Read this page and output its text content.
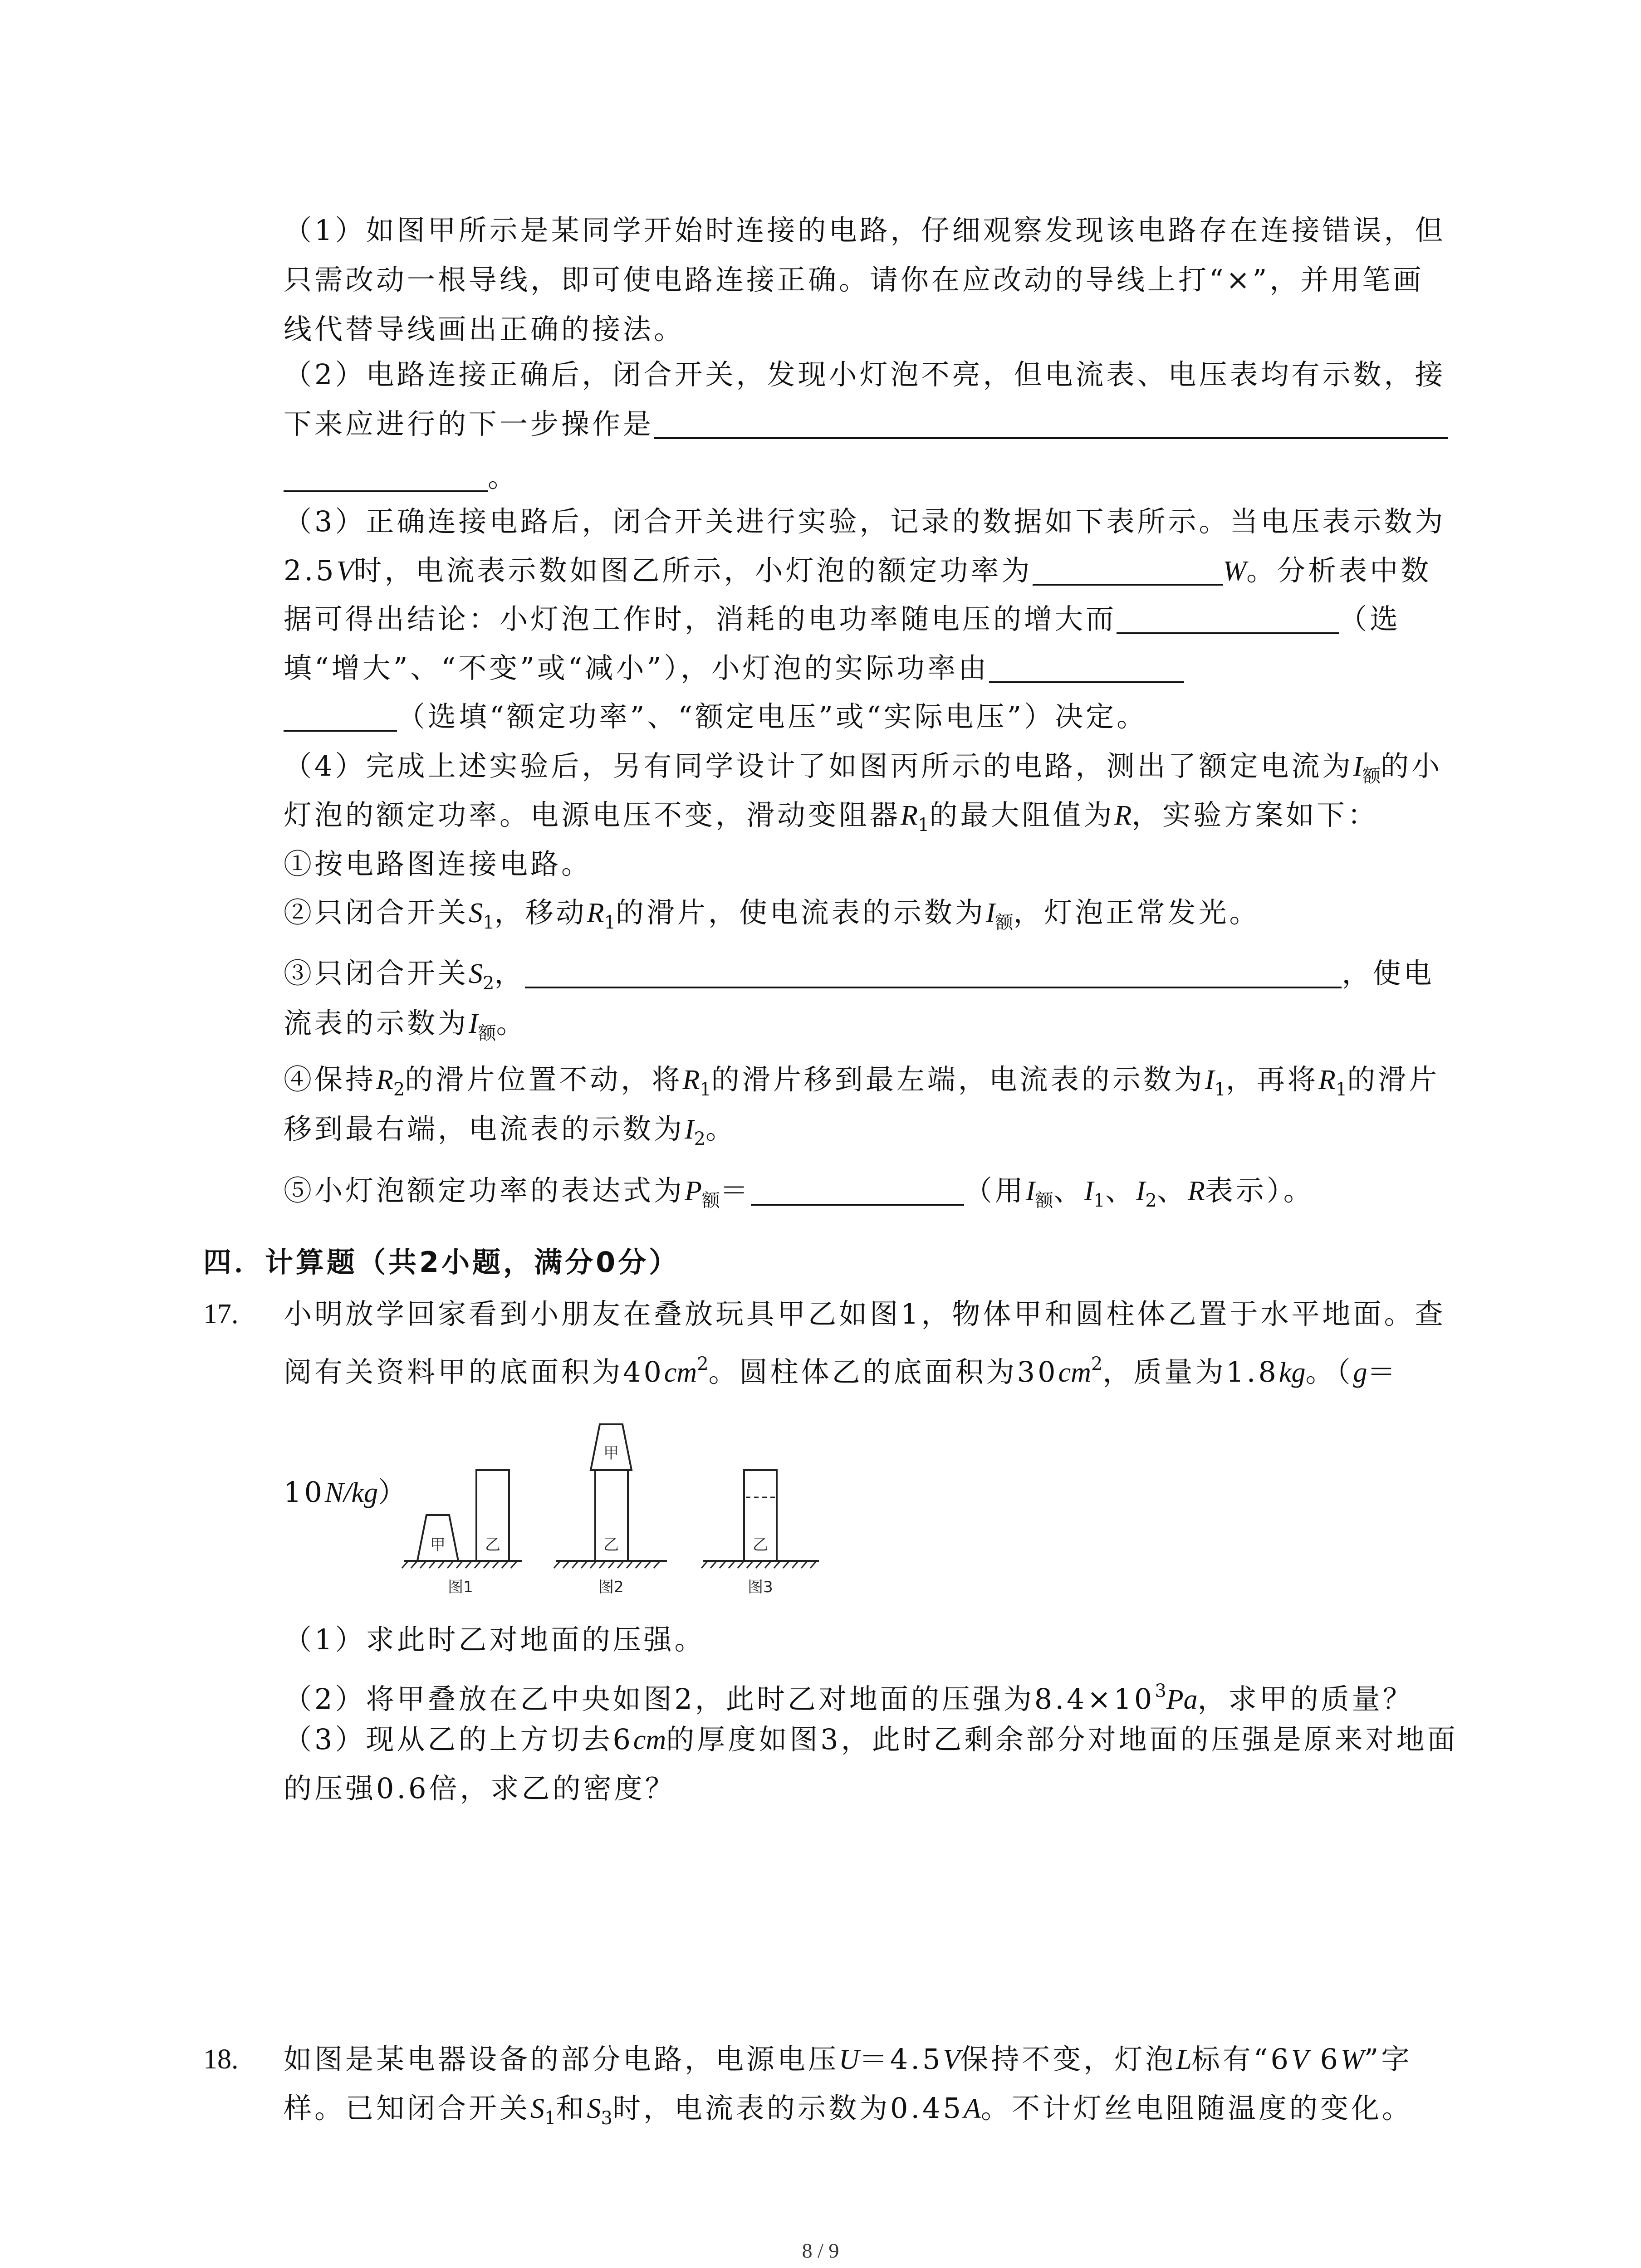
（1）如图甲所示是某同学开始时连接的电路，仔细观察发现该电路存在连接错误，但
只需改动一根导线，即可使电路连接正确。请你在应改动的导线上打“×”，并用笔画
线代替导线画出正确的接法。
（2）电路连接正确后，闭合开关，发现小灯泡不亮，但电流表、电压表均有示数，接
下来应进行的下一步操作是
。
（3）正确连接电路后，闭合开关进行实验，记录的数据如下表所示。当电压表示数为
2.5V时，电流表示数如图乙所示，小灯泡的额定功率为	W。分析表中数
据可得出结论：小灯泡工作时，消耗的电功率随电压的增大而	（选
填“增大”、“不变”或“减小”），小灯泡的实际功率由
（选填“额定功率”、“额定电压”或“实际电压”）决定。
（4）完成上述实验后，另有同学设计了如图丙所示的电路，测出了额定电流为$I_额$的小
灯泡的额定功率。电源电压不变，滑动变阻器$R_1$的最大阻值为R，实验方案如下：
①按电路图连接电路。
②只闭合开关$S_1$，移动$R_1$的滑片，使电流表的示数为$I_额$，灯泡正常发光。
③只闭合开关$S_2$，	，使电
流表的示数为$I_额$。
④保持$R_2$的滑片位置不动，将$R_1$的滑片移到最左端，电流表的示数为$I_1$，再将$R_1$的滑片
移到最右端，电流表的示数为$I_2$。
⑤小灯泡额定功率的表达式为$P_额=$	（用$I_额$、$I_1$、$I_2$、R表示）。
四．计算题（共2小题，满分0分）
17. 小明放学回家看到小朋友在叠放玩具甲乙如图1，物体甲和圆柱体乙置于水平地面。查
阅有关资料甲的底面积为$40cm^2$。圆柱体乙的底面积为$30cm^2$，质量为1.8kg。（g＝
10N/kg）
甲	乙	乙
甲
乙
图1	图2	图3
（1）求此时乙对地面的压强。
（2）将甲叠放在乙中央如图2，此时乙对地面的压强为$8.4\times 10^3Pa$，求甲的质量？
（3）现从乙的上方切去6cm的厚度如图3，此时乙剩余部分对地面的压强是原来对地面
的压强0.6倍，求乙的密度？
18. 如图是某电器设备的部分电路，电源电压U＝4.5V保持不变，灯泡L标有“6V 6W”字
样。已知闭合开关$S_1$和$S_3$时，电流表的示数为0.45A。不计灯丝电阻随温度的变化。
8 / 9
